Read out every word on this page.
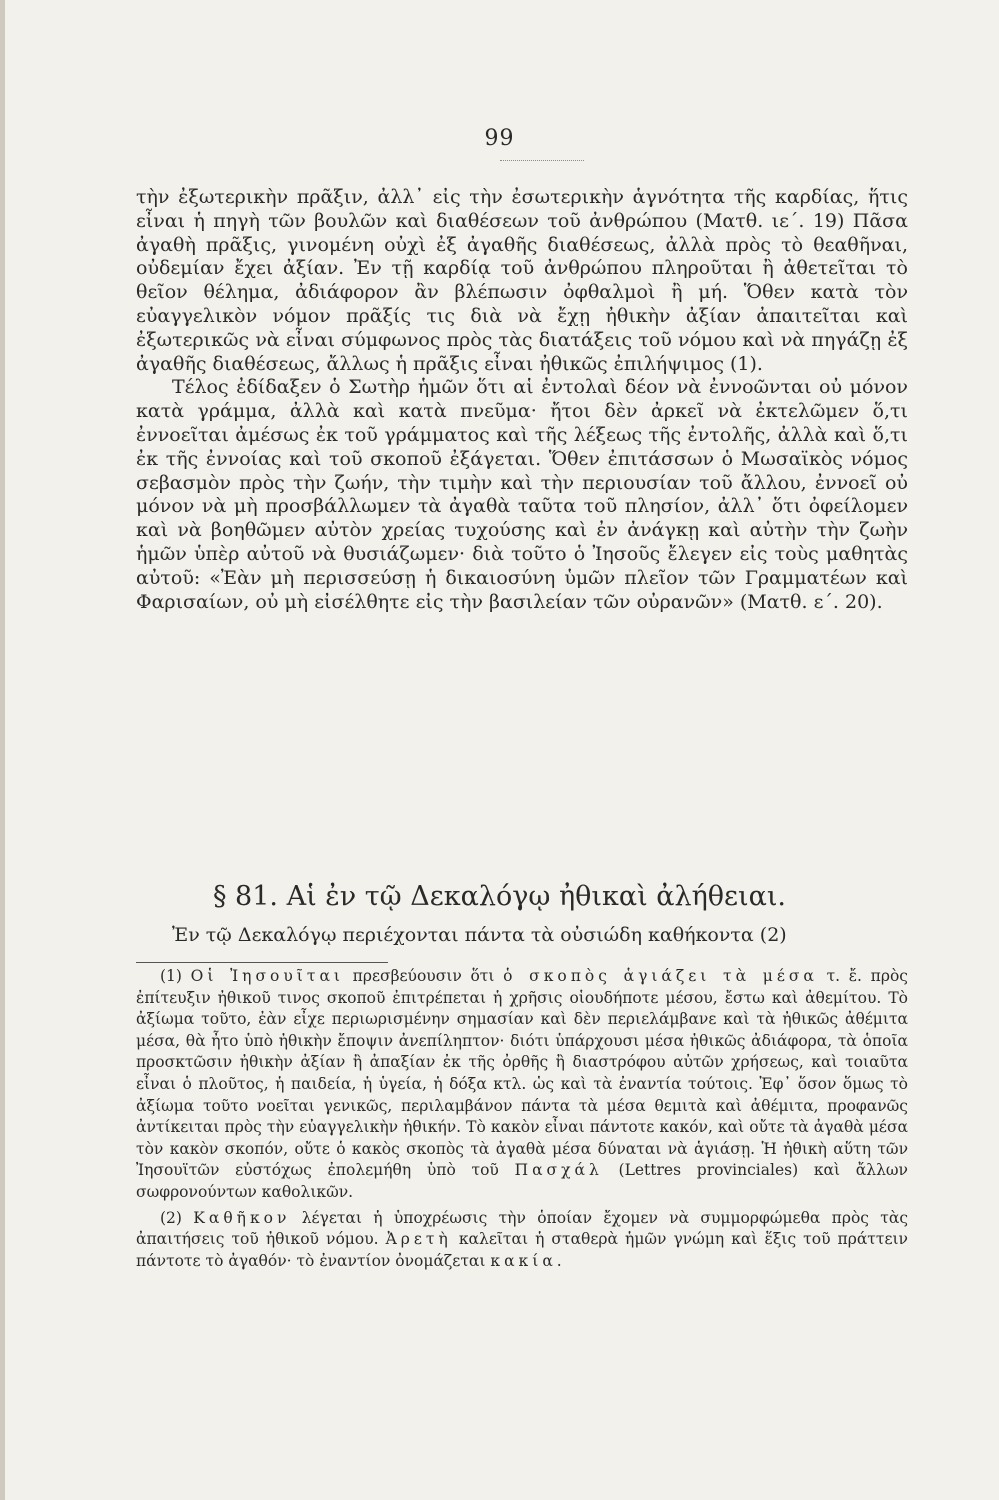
99

τὴν ἐξωτερικὴν πρᾶξιν, ἀλλ᾽ εἰς τὴν ἐσωτερικὴν ἁγνότητα τῆς καρδίας, ἥτις εἶναι ἡ πηγὴ τῶν βουλῶν καὶ διαθέσεων τοῦ ἀνθρώπου (Ματθ. ιε΄. 19) Πᾶσα ἀγαθὴ πρᾶξις, γινομένη οὐχὶ ἐξ ἀγαθῆς διαθέσεως, ἀλλὰ πρὸς τὸ θεαθῆναι, οὐδεμίαν ἔχει ἀξίαν. Ἐν τῇ καρδίᾳ τοῦ ἀνθρώπου πληροῦται ἢ ἀθετεῖται τὸ θεῖον θέλημα, ἀδιάφορον ἂν βλέπωσιν ὀφθαλμοὶ ἢ μή. Ὅθεν κατὰ τὸν εὐαγγελικὸν νόμον πρᾶξίς τις διὰ νὰ ἔχῃ ἠθικὴν ἀξίαν ἀπαιτεῖται καὶ ἐξωτερικῶς νὰ εἶναι σύμφωνος πρὸς τὰς διατάξεις τοῦ νόμου καὶ νὰ πηγάζῃ ἐξ ἀγαθῆς διαθέσεως, ἄλλως ἡ πρᾶξις εἶναι ἠθικῶς ἐπιλήψιμος (1).

Τέλος ἐδίδαξεν ὁ Σωτὴρ ἡμῶν ὅτι αἱ ἐντολαὶ δέον νὰ ἐννοῶνται οὐ μόνον κατὰ γράμμα, ἀλλὰ καὶ κατὰ πνεῦμα· ἤτοι δὲν ἀρκεῖ νὰ ἐκτελῶμεν ὅ,τι ἐννοεῖται ἀμέσως ἐκ τοῦ γράμματος καὶ τῆς λέξεως τῆς ἐντολῆς, ἀλλὰ καὶ ὅ,τι ἐκ τῆς ἐννοίας καὶ τοῦ σκοποῦ ἐξάγεται. Ὅθεν ἐπιτάσσων ὁ Μωσαϊκὸς νόμος σεβασμὸν πρὸς τὴν ζωήν, τὴν τιμὴν καὶ τὴν περιουσίαν τοῦ ἄλλου, ἐννοεῖ οὐ μόνον νὰ μὴ προσβάλλωμεν τὰ ἀγαθὰ ταῦτα τοῦ πλησίον, ἀλλ᾽ ὅτι ὀφείλομεν καὶ νὰ βοηθῶμεν αὐτὸν χρείας τυχούσης καὶ ἐν ἀνάγκῃ καὶ αὐτὴν τὴν ζωὴν ἡμῶν ὑπὲρ αὐτοῦ νὰ θυσιάζωμεν· διὰ τοῦτο ὁ Ἰησοῦς ἔλεγεν εἰς τοὺς μαθητὰς αὐτοῦ: «Ἐὰν μὴ περισσεύσῃ ἡ δικαιοσύνη ὑμῶν πλεῖον τῶν Γραμματέων καὶ Φαρισαίων, οὐ μὴ εἰσέλθητε εἰς τὴν βασιλείαν τῶν οὐρανῶν» (Ματθ. ε΄. 20).

§ 81. Αἱ ἐν τῷ Δεκαλόγῳ ἠθικαὶ ἀλήθειαι.
Ἐν τῷ Δεκαλόγῳ περιέχονται πάντα τὰ οὐσιώδη καθήκοντα (2)

(1) Οἱ Ἰησουῖται πρεσβεύουσιν ὅτι ὁ σκοπὸς ἁγιάζει τὰ μέσα τ. ἔ. πρὸς ἐπίτευξιν ἠθικοῦ τινος σκοποῦ ἐπιτρέπεται ἡ χρῆσις οἱουδήποτε μέσου, ἔστω καὶ ἀθεμίτου. Τὸ ἀξίωμα τοῦτο, ἐὰν εἶχε περιωρισμένην σημασίαν καὶ δὲν περιελάμβανε καὶ τὰ ἠθικῶς ἀθέμιτα μέσα, θὰ ἦτο ὑπὸ ἠθικὴν ἔποψιν ἀνεπίληπτον· διότι ὑπάρχουσι μέσα ἠθικῶς ἀδιάφορα, τὰ ὁποῖα προσκτῶσιν ἠθικὴν ἀξίαν ἢ ἀπαξίαν ἐκ τῆς ὀρθῆς ἢ διαστρόφου αὐτῶν χρήσεως, καὶ τοιαῦτα εἶναι ὁ πλοῦτος, ἡ παιδεία, ἡ ὑγεία, ἡ δόξα κτλ. ὡς καὶ τὰ ἐναντία τούτοις. Ἐφ᾽ ὅσον ὅμως τὸ ἀξίωμα τοῦτο νοεῖται γενικῶς, περιλαμβάνον πάντα τὰ μέσα θεμιτὰ καὶ ἀθέμιτα, προφανῶς ἀντίκειται πρὸς τὴν εὐαγγελικὴν ἠθικήν. Τὸ κακὸν εἶναι πάντοτε κακόν, καὶ οὔτε τὰ ἀγαθὰ μέσα τὸν κακὸν σκοπόν, οὔτε ὁ κακὸς σκοπὸς τὰ ἀγαθὰ μέσα δύναται νὰ ἁγιάσῃ. Ἡ ἠθικὴ αὕτη τῶν Ἰησουϊτῶν εὐστόχως ἐπολεμήθη ὑπὸ τοῦ Πασχάλ (Lettres provinciales) καὶ ἄλλων σωφρονούντων καθολικῶν.

(2) Καθῆκον λέγεται ἡ ὑποχρέωσις τὴν ὁποίαν ἔχομεν νὰ συμμορφώμεθα πρὸς τὰς ἀπαιτήσεις τοῦ ἠθικοῦ νόμου. Ἀρετὴ καλεῖται ἡ σταθερὰ ἡμῶν γνώμη καὶ ἕξις τοῦ πράττειν πάντοτε τὸ ἀγαθόν· τὸ ἐναντίον ὀνομάζεται κακία.
